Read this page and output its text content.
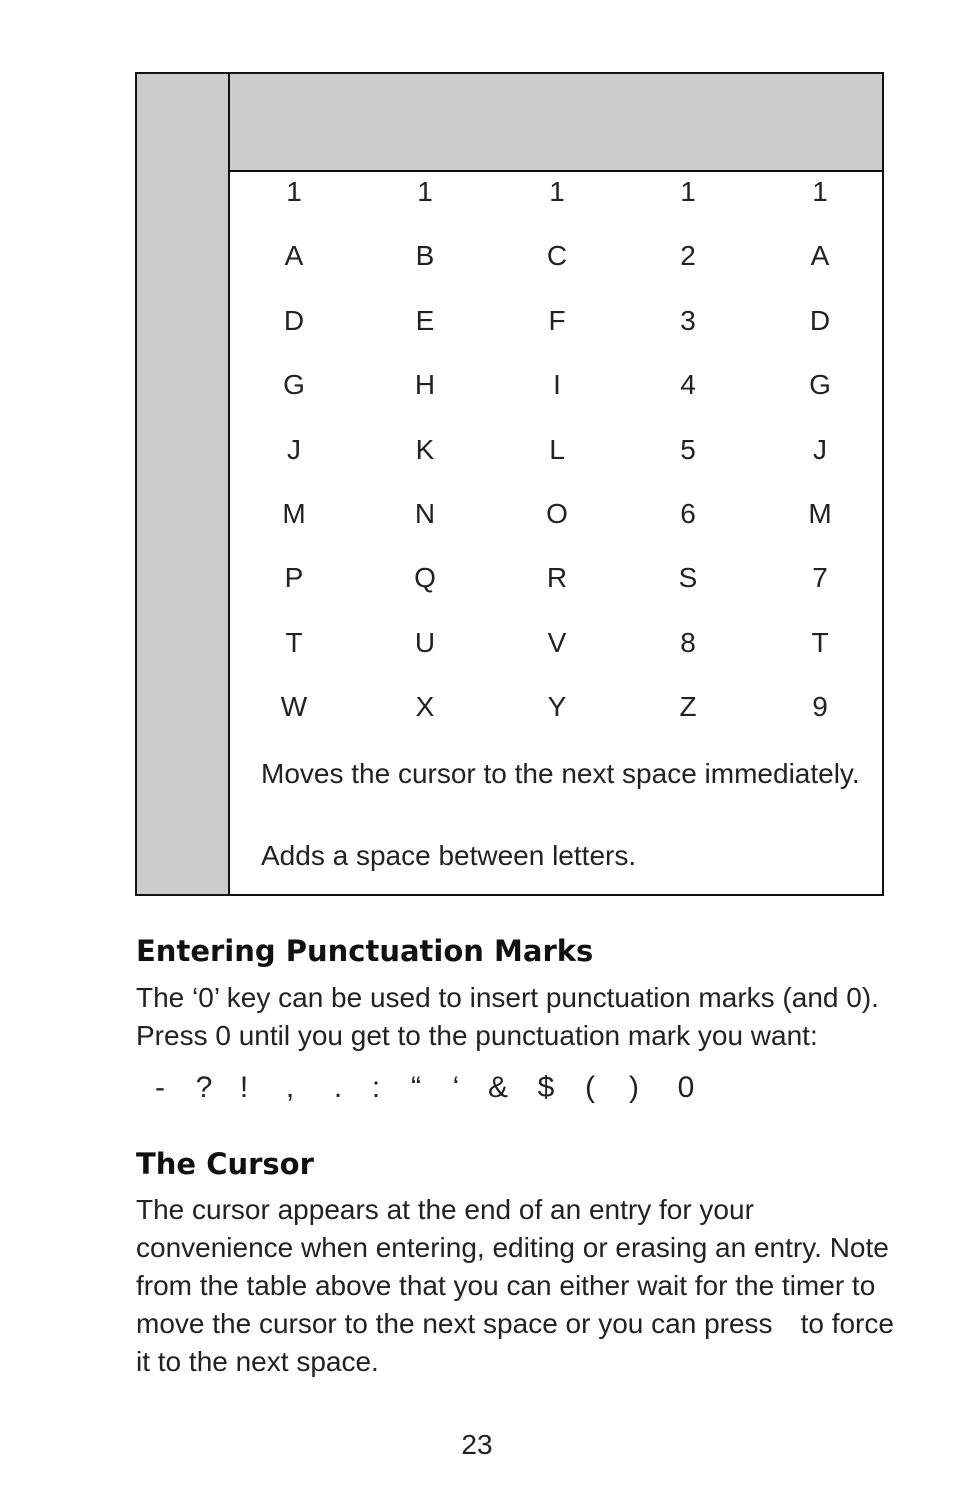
1	1	1	1	1
A	B	C	2	A
D	E	F	3	D
G	H	I	4	G
J	K	L	5	J
M	N	O	6	M
P	Q	R	S	7
T	U	V	8	T
W	X	Y	Z	9
Moves the cursor to the next space immediately.
Adds a space between letters.
Entering Punctuation Marks

The ‘0’ key can be used to insert punctuation marks (and 0). Press 0 until you get to the punctuation mark you want:

-	? !	,	. :	“	‘ & $	(	)	0
The Cursor

The cursor appears at the end of an entry for your convenience when entering, editing or erasing an entry. Note from the table above that you can either wait for the timer to move the cursor to the next space or you can press to force it to the next space.

23
